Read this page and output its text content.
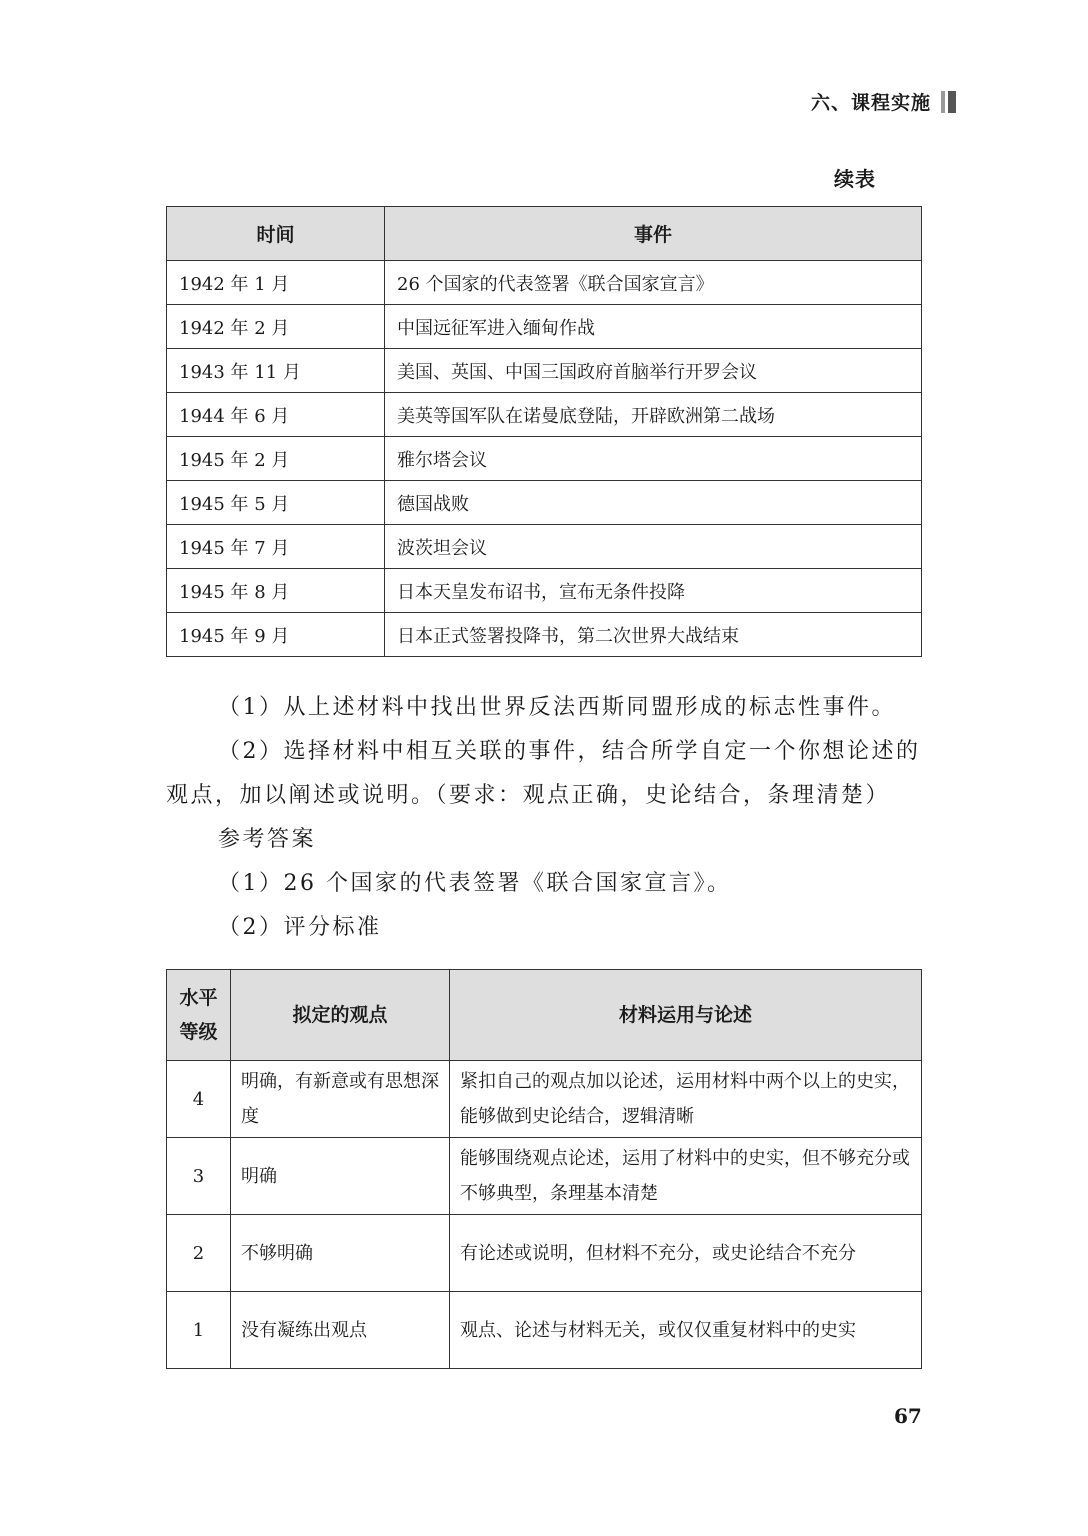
六、课程实施
续表
时间	事件
1942 年 1 月	26 个国家的代表签署《联合国家宣言》
1942 年 2 月	中国远征军进入缅甸作战
1943 年 11 月	美国、英国、中国三国政府首脑举行开罗会议
1944 年 6 月	美英等国军队在诺曼底登陆，开辟欧洲第二战场
1945 年 2 月	雅尔塔会议
1945 年 5 月	德国战败
1945 年 7 月	波茨坦会议
1945 年 8 月	日本天皇发布诏书，宣布无条件投降
1945 年 9 月	日本正式签署投降书，第二次世界大战结束

（1）从上述材料中找出世界反法西斯同盟形成的标志性事件。

（2）选择材料中相互关联的事件，结合所学自定一个你想论述的观点，加以阐述或说明。（要求：观点正确，史论结合，条理清楚）

参考答案

（1）26 个国家的代表签署《联合国家宣言》。

（2）评分标准

水平等级	拟定的观点	材料运用与论述
4	明确，有新意或有思想深度	紧扣自己的观点加以论述，运用材料中两个以上的史实，能够做到史论结合，逻辑清晰
3	明确	能够围绕观点论述，运用了材料中的史实，但不够充分或不够典型，条理基本清楚
2	不够明确	有论述或说明，但材料不充分，或史论结合不充分
1	没有凝练出观点	观点、论述与材料无关，或仅仅重复材料中的史实
67
